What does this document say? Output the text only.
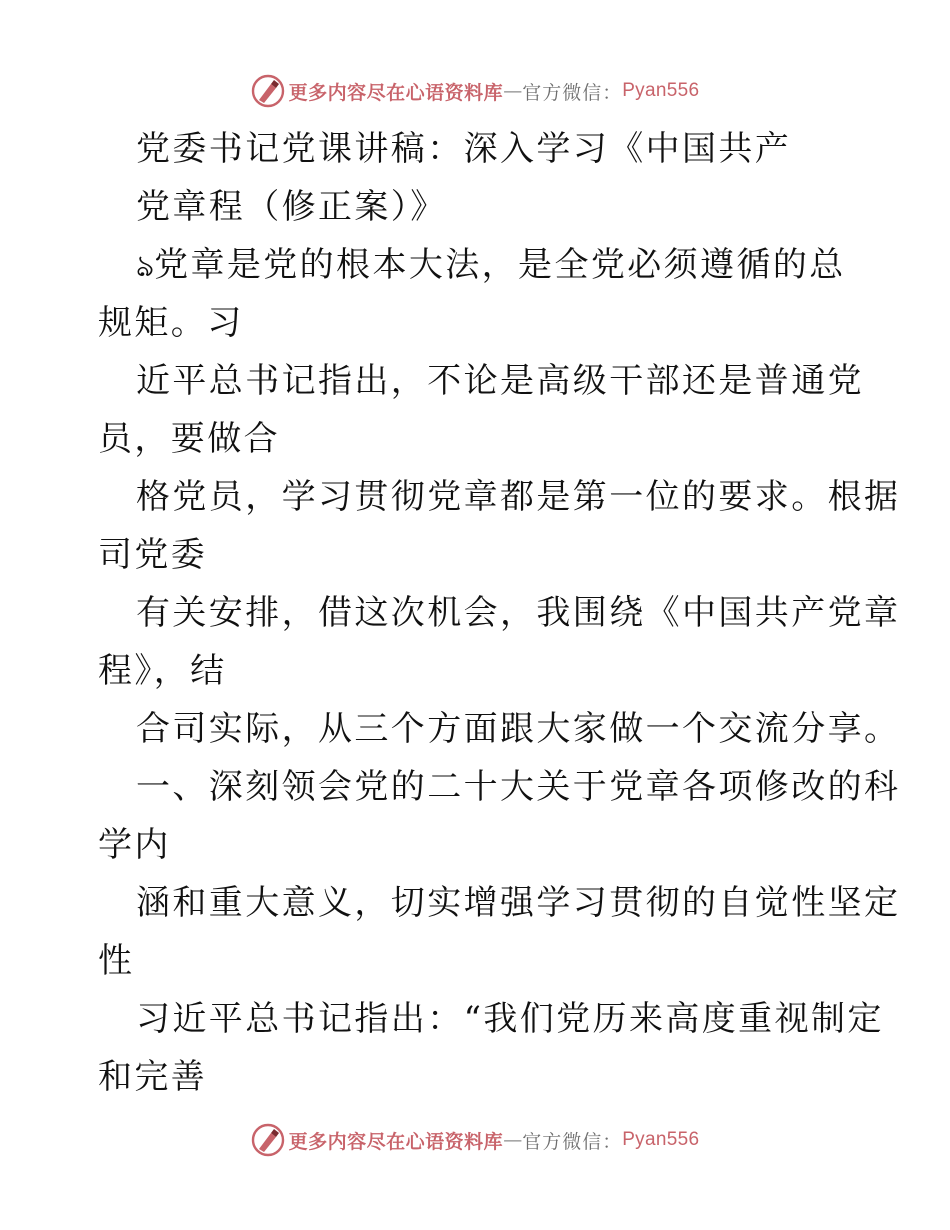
更多内容尽在心语资料库 — 官方微信： Pyan556
党委书记党课讲稿：深入学习《中国共产
党章程（修正案）》
ঌ党章是党的根本大法，是全党必须遵循的总
规矩。习
近平总书记指出，不论是高级干部还是普通党
员，要做合
格党员，学习贯彻党章都是第一位的要求。根据
司党委
有关安排，借这次机会，我围绕《中国共产党章
程》，结
合司实际，从三个方面跟大家做一个交流分享。
一、深刻领会党的二十大关于党章各项修改的科
学内
涵和重大意义，切实增强学习贯彻的自觉性坚定
性
习近平总书记指出：“我们党历来高度重视制定
和完善
更多内容尽在心语资料库 — 官方微信： Pyan556
